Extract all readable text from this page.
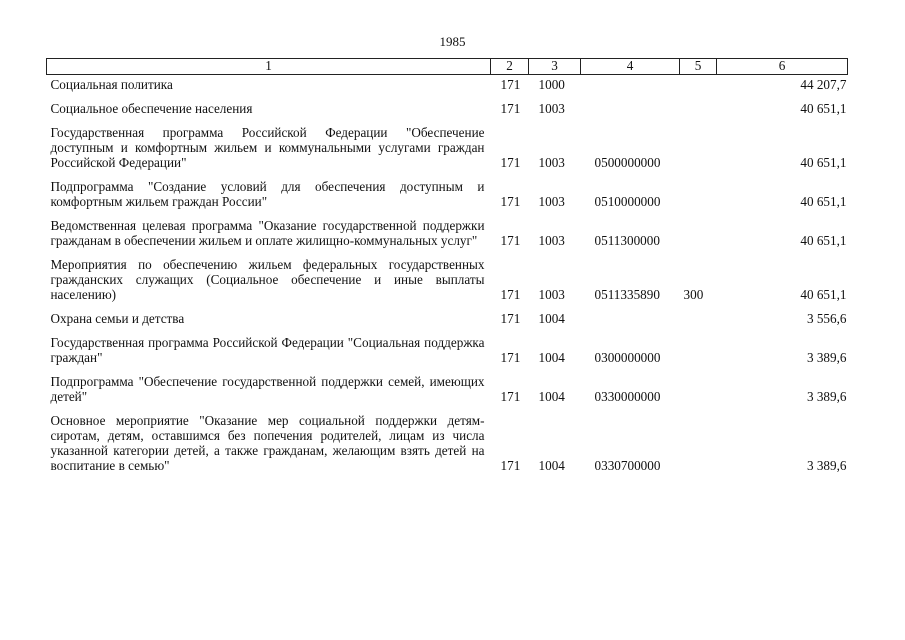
1985
1	2	3	4	5	6
Социальная политика	171	1000			44 207,7
Социальное обеспечение населения	171	1003			40 651,1
Государственная программа Российской Федерации "Обеспечение доступным и комфортным жильем и коммунальными услугами граждан Российской Федерации"	171	1003	0500000000		40 651,1
Подпрограмма "Создание условий для обеспечения доступным и комфортным жильем граждан России"	171	1003	0510000000		40 651,1
Ведомственная целевая программа "Оказание государственной поддержки гражданам в обеспечении жильем и оплате жилищно-коммунальных услуг"	171	1003	0511300000		40 651,1
Мероприятия по обеспечению жильем федеральных государственных гражданских служащих (Социальное обеспечение и иные выплаты населению)	171	1003	0511335890	300	40 651,1
Охрана семьи и детства	171	1004			3 556,6
Государственная программа Российской Федерации "Социальная поддержка граждан"	171	1004	0300000000		3 389,6
Подпрограмма "Обеспечение государственной поддержки семей, имеющих детей"	171	1004	0330000000		3 389,6
Основное мероприятие "Оказание мер социальной поддержки детям-сиротам, детям, оставшимся без попечения родителей, лицам из числа указанной категории детей, а также гражданам, желающим взять детей на воспитание в семью"	171	1004	0330700000		3 389,6
